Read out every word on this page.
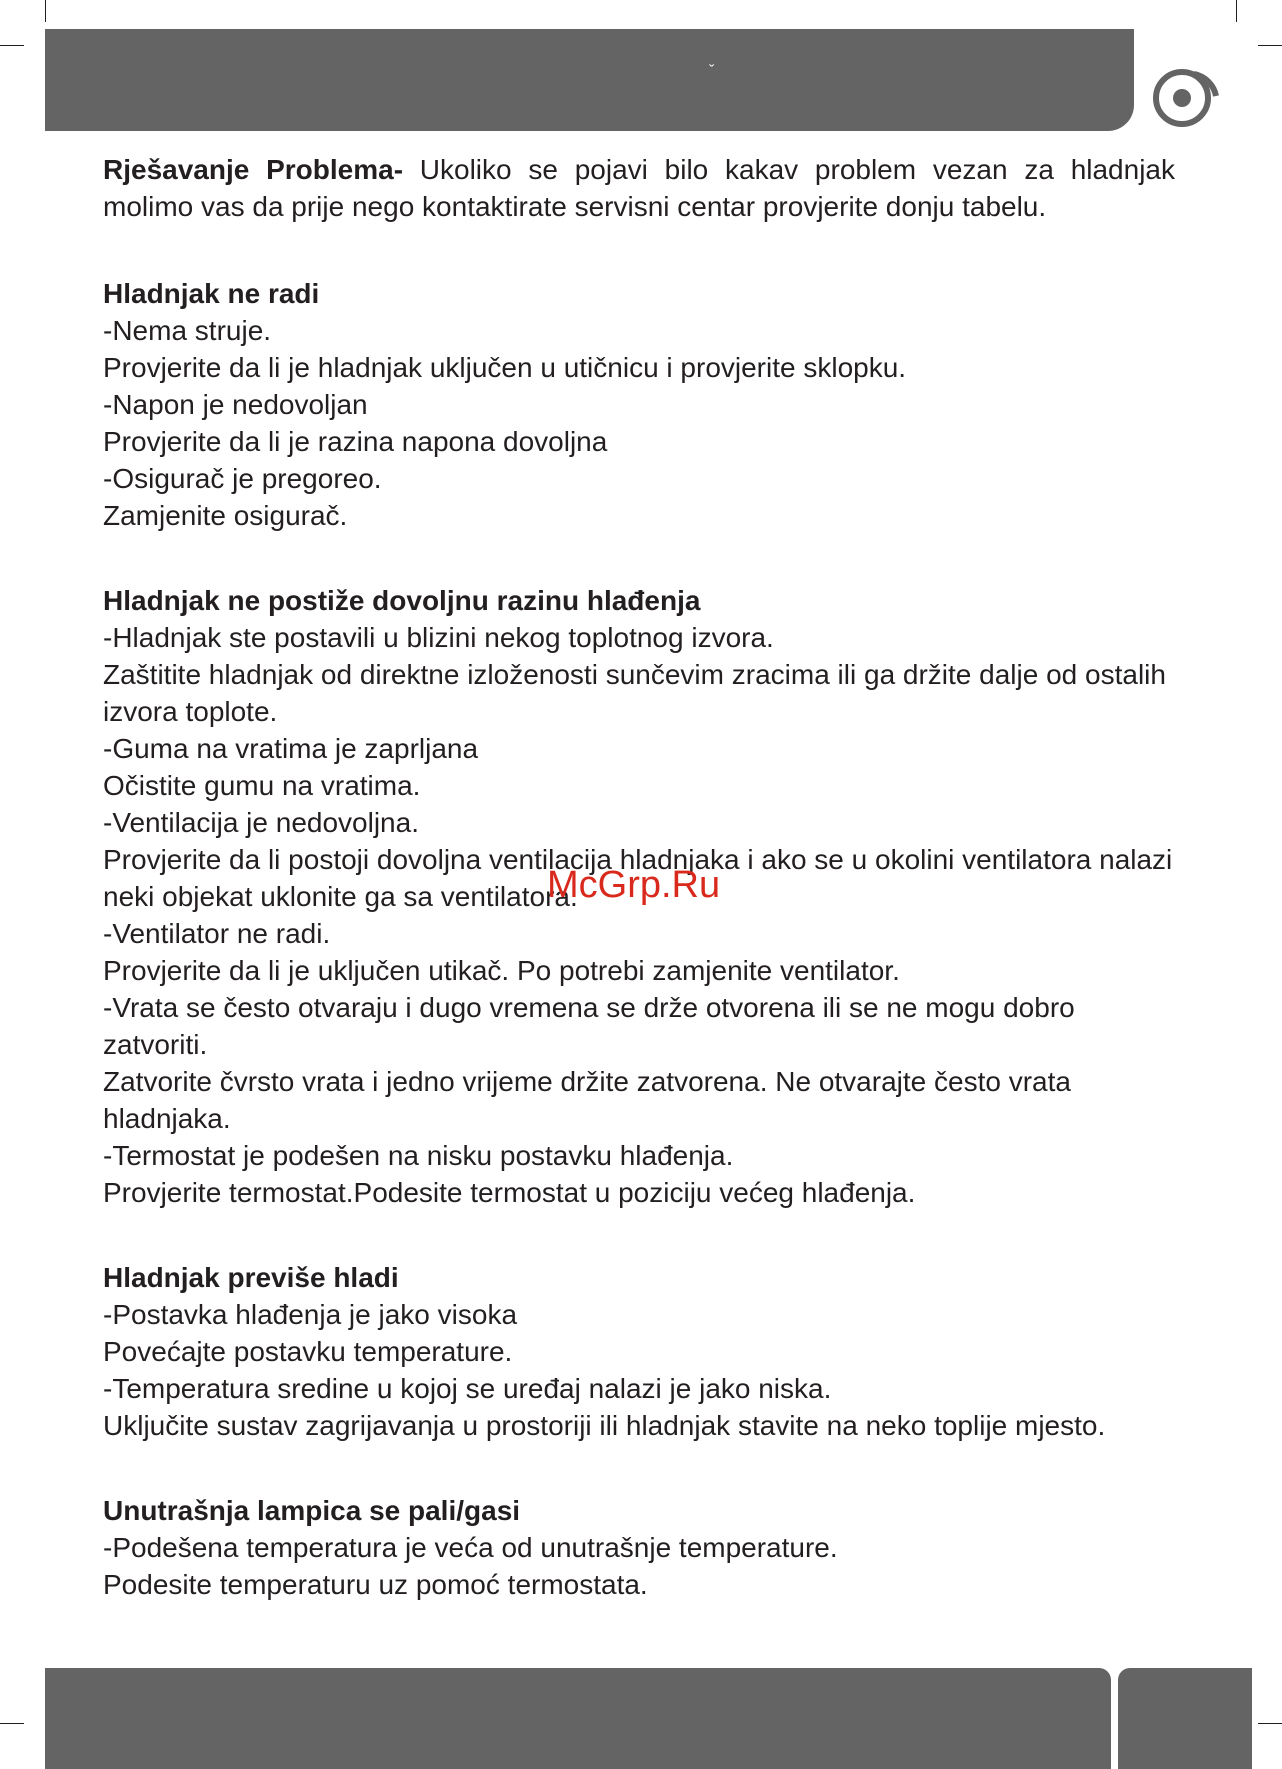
ˇ

Rješavanje Problema- Ukoliko se pojavi bilo kakav problem vezan za hladnjak molimo vas da prije nego kontaktirate servisni centar provjerite donju tabelu.

Hladnjak ne radi

-Nema struje.

Provjerite da li je hladnjak uključen u utičnicu i provjerite sklopku.

-Napon je nedovoljan

Provjerite da li je razina napona dovoljna

-Osigurač je pregoreo.

Zamjenite osigurač.

Hladnjak ne postiže dovoljnu razinu hlađenja

-Hladnjak ste postavili u blizini nekog toplotnog izvora.

Zaštitite hladnjak od direktne izloženosti sunčevim zracima ili ga držite dalje od ostalih izvora toplote.

-Guma na vratima je zaprljana

Očistite gumu na vratima.

-Ventilacija je nedovoljna.

Provjerite da li postoji dovoljna ventilacija hladnjaka i ako se u okolini ventilatora nalazi neki objekat uklonite ga sa ventilatora.

-Ventilator ne radi.

Provjerite da li je uključen utikač. Po potrebi zamjenite ventilator.

-Vrata se često otvaraju i dugo vremena se drže otvorena ili se ne mogu dobro zatvoriti.

Zatvorite čvrsto vrata i jedno vrijeme držite zatvorena. Ne otvarajte često vrata hladnjaka.

-Termostat je podešen na nisku postavku hlađenja.

Provjerite termostat.Podesite termostat u poziciju većeg hlađenja.

Hladnjak previše hladi

-Postavka hlađenja je jako visoka

Povećajte postavku temperature.

-Temperatura sredine u kojoj se uređaj nalazi je jako niska.

Uključite sustav zagrijavanja u prostoriji ili hladnjak stavite na neko toplije mjesto.

Unutrašnja lampica se pali/gasi

-Podešena temperatura je veća od unutrašnje temperature.

Podesite temperaturu uz pomoć termostata.

McGrp.Ru
